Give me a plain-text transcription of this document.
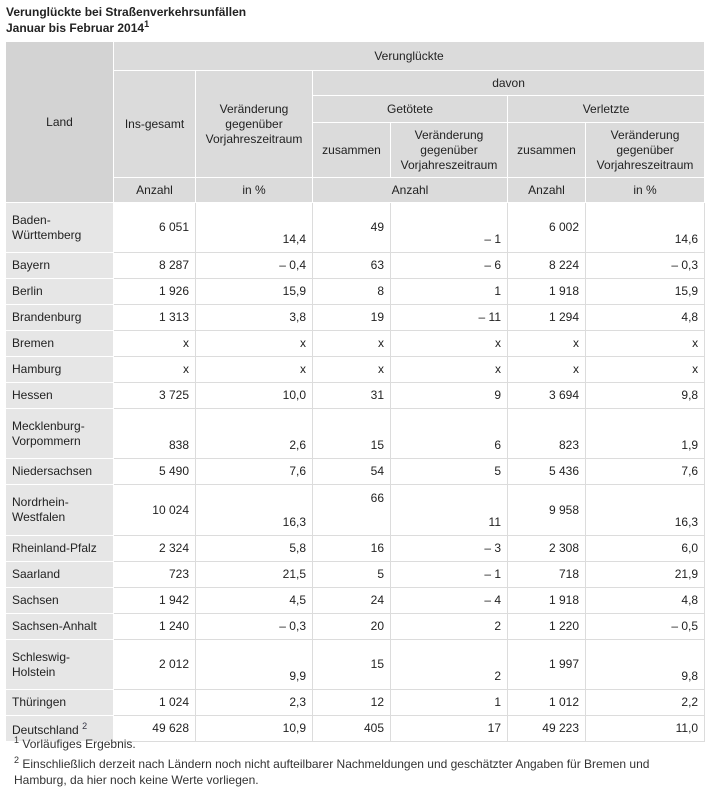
Verunglückte bei Straßenverkehrsunfällen
Januar bis Februar 2014$^1$
Land	Verunglückte					
	Ins-gesamt	Veränderung gegenüber Vorjahreszeitraum	davon			
			Getötete		Verletzte	
			zusammen	Veränderung gegenüber Vorjahreszeitraum	zusammen	Veränderung gegenüber Vorjahreszeitraum
	Anzahl	in %	Anzahl		Anzahl	in %
Baden-Württemberg	6 051	14,4	49	– 1	6 002	14,6
Bayern	8 287	– 0,4	63	– 6	8 224	– 0,3
Berlin	1 926	15,9	8	1	1 918	15,9
Brandenburg	1 313	3,8	19	– 11	1 294	4,8
Bremen	x	x	x	x	x	x
Hamburg	x	x	x	x	x	x
Hessen	3 725	10,0	31	9	3 694	9,8
Mecklenburg-Vorpommern	838	2,6	15	6	823	1,9
Niedersachsen	5 490	7,6	54	5	5 436	7,6
Nordrhein-Westfalen	10 024	16,3	66	11	9 958	16,3
Rheinland-Pfalz	2 324	5,8	16	– 3	2 308	6,0
Saarland	723	21,5	5	– 1	718	21,9
Sachsen	1 942	4,5	24	– 4	1 918	4,8
Sachsen-Anhalt	1 240	– 0,3	20	2	1 220	– 0,5
Schleswig-Holstein	2 012	9,9	15	2	1 997	9,8
Thüringen	1 024	2,3	12	1	1 012	2,2
Deutschland $^2$	49 628	10,9	405	17	49 223	11,0

$^1$ Vorläufiges Ergebnis.

$^2$ Einschließlich derzeit nach Ländern noch nicht aufteilbarer Nachmeldungen und geschätzter Angaben für Bremen und Hamburg, da hier noch keine Werte vorliegen.
